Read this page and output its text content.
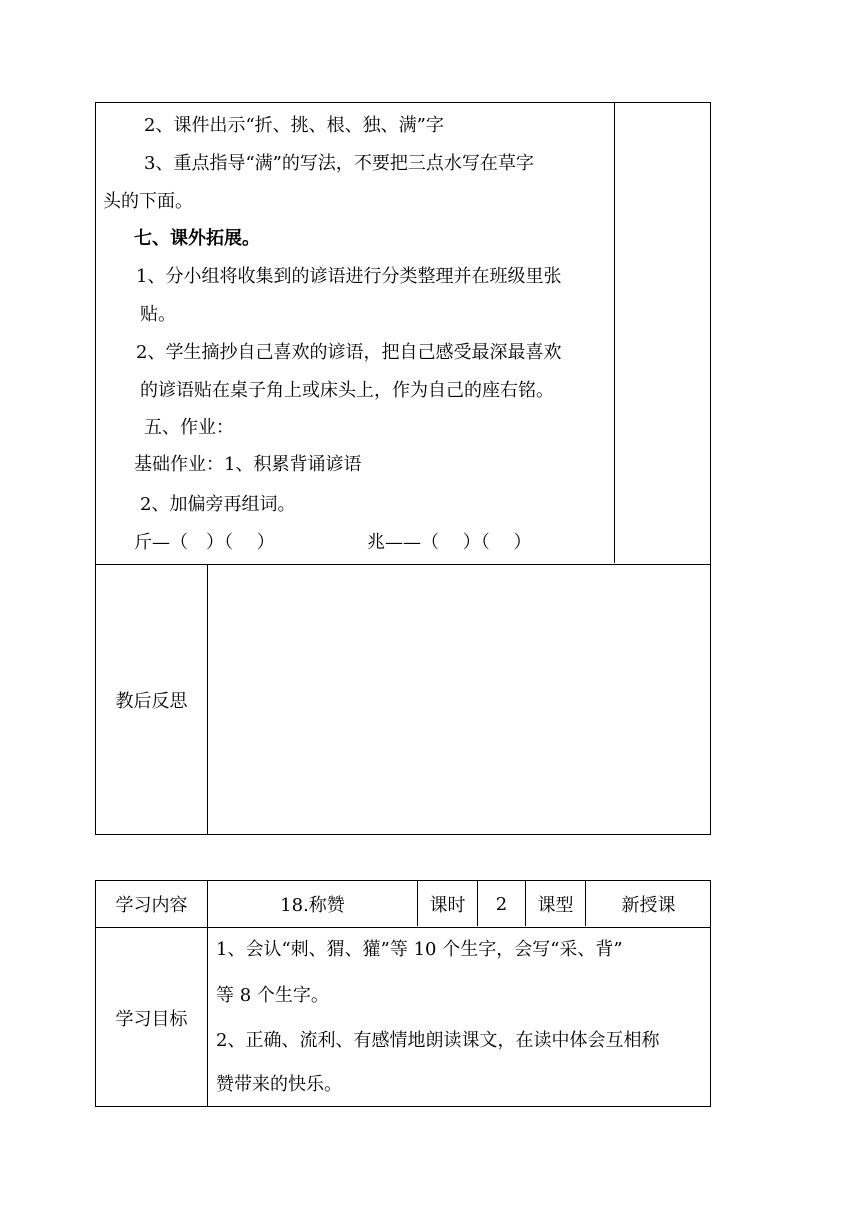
2、课件出示“折、挑、根、独、满”字
3、重点指导“满”的写法，不要把三点水写在草字
头的下面。
七、课外拓展。
1、分小组将收集到的谚语进行分类整理并在班级里张
贴。
2、学生摘抄自己喜欢的谚语，把自己感受最深最喜欢
的谚语贴在桌子角上或床头上，作为自己的座右铭。
五、作业：
基础作业：1、积累背诵谚语
2、加偏旁再组词。
斤—（　）（　 ）	兆——（　 ）（　 ）
教后反思
学习内容	18.称赞	课时	2	课型	新授课
学习目标
1、会认“刺、猬、獾”等 10 个生字，会写“采、背”
等 8 个生字。
2、正确、流利、有感情地朗读课文，在读中体会互相称
赞带来的快乐。
